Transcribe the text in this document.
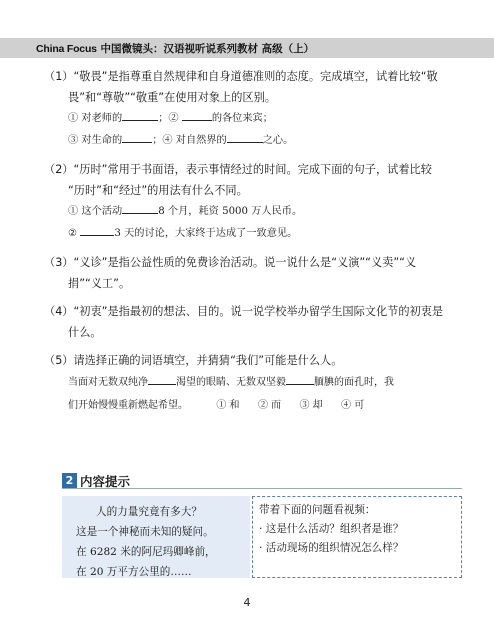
China Focus 中国微镜头：汉语视听说系列教材 高级（上）
（1）“敬畏”是指尊重自然规律和自身道德准则的态度。完成填空，试着比较“敬
畏”和“尊敬”“敬重”在使用对象上的区别。
① 对老师的	；②	的各位来宾；
③ 对生命的	；④ 对自然界的	之心。
（2）“历时”常用于书面语，表示事情经过的时间。完成下面的句子，试着比较
“历时”和“经过”的用法有什么不同。
① 这个活动	8 个月，耗资 5000 万人民币。
②	3 天的讨论，大家终于达成了一致意见。
（3）“义诊”是指公益性质的免费诊治活动。说一说什么是“义演”“义卖”“义
捐”“义工”。
（4）“初衷”是指最初的想法、目的。说一说学校举办留学生国际文化节的初衷是
什么。
（5）请选择正确的词语填空，并猜猜“我们”可能是什么人。
当面对无数双纯净	渴望的眼睛、无数双坚毅	腼腆的面孔时，我
们开始慢慢重新燃起希望。	① 和 ② 而 ③ 却 ④ 可
2 内容提示
人的力量究竟有多大？
这是一个神秘而未知的疑问。
在 6282 米的阿尼玛卿峰前，
在 20 万平方公里的……
带着下面的问题看视频：
· 这是什么活动？组织者是谁？
· 活动现场的组织情况怎么样？
4
